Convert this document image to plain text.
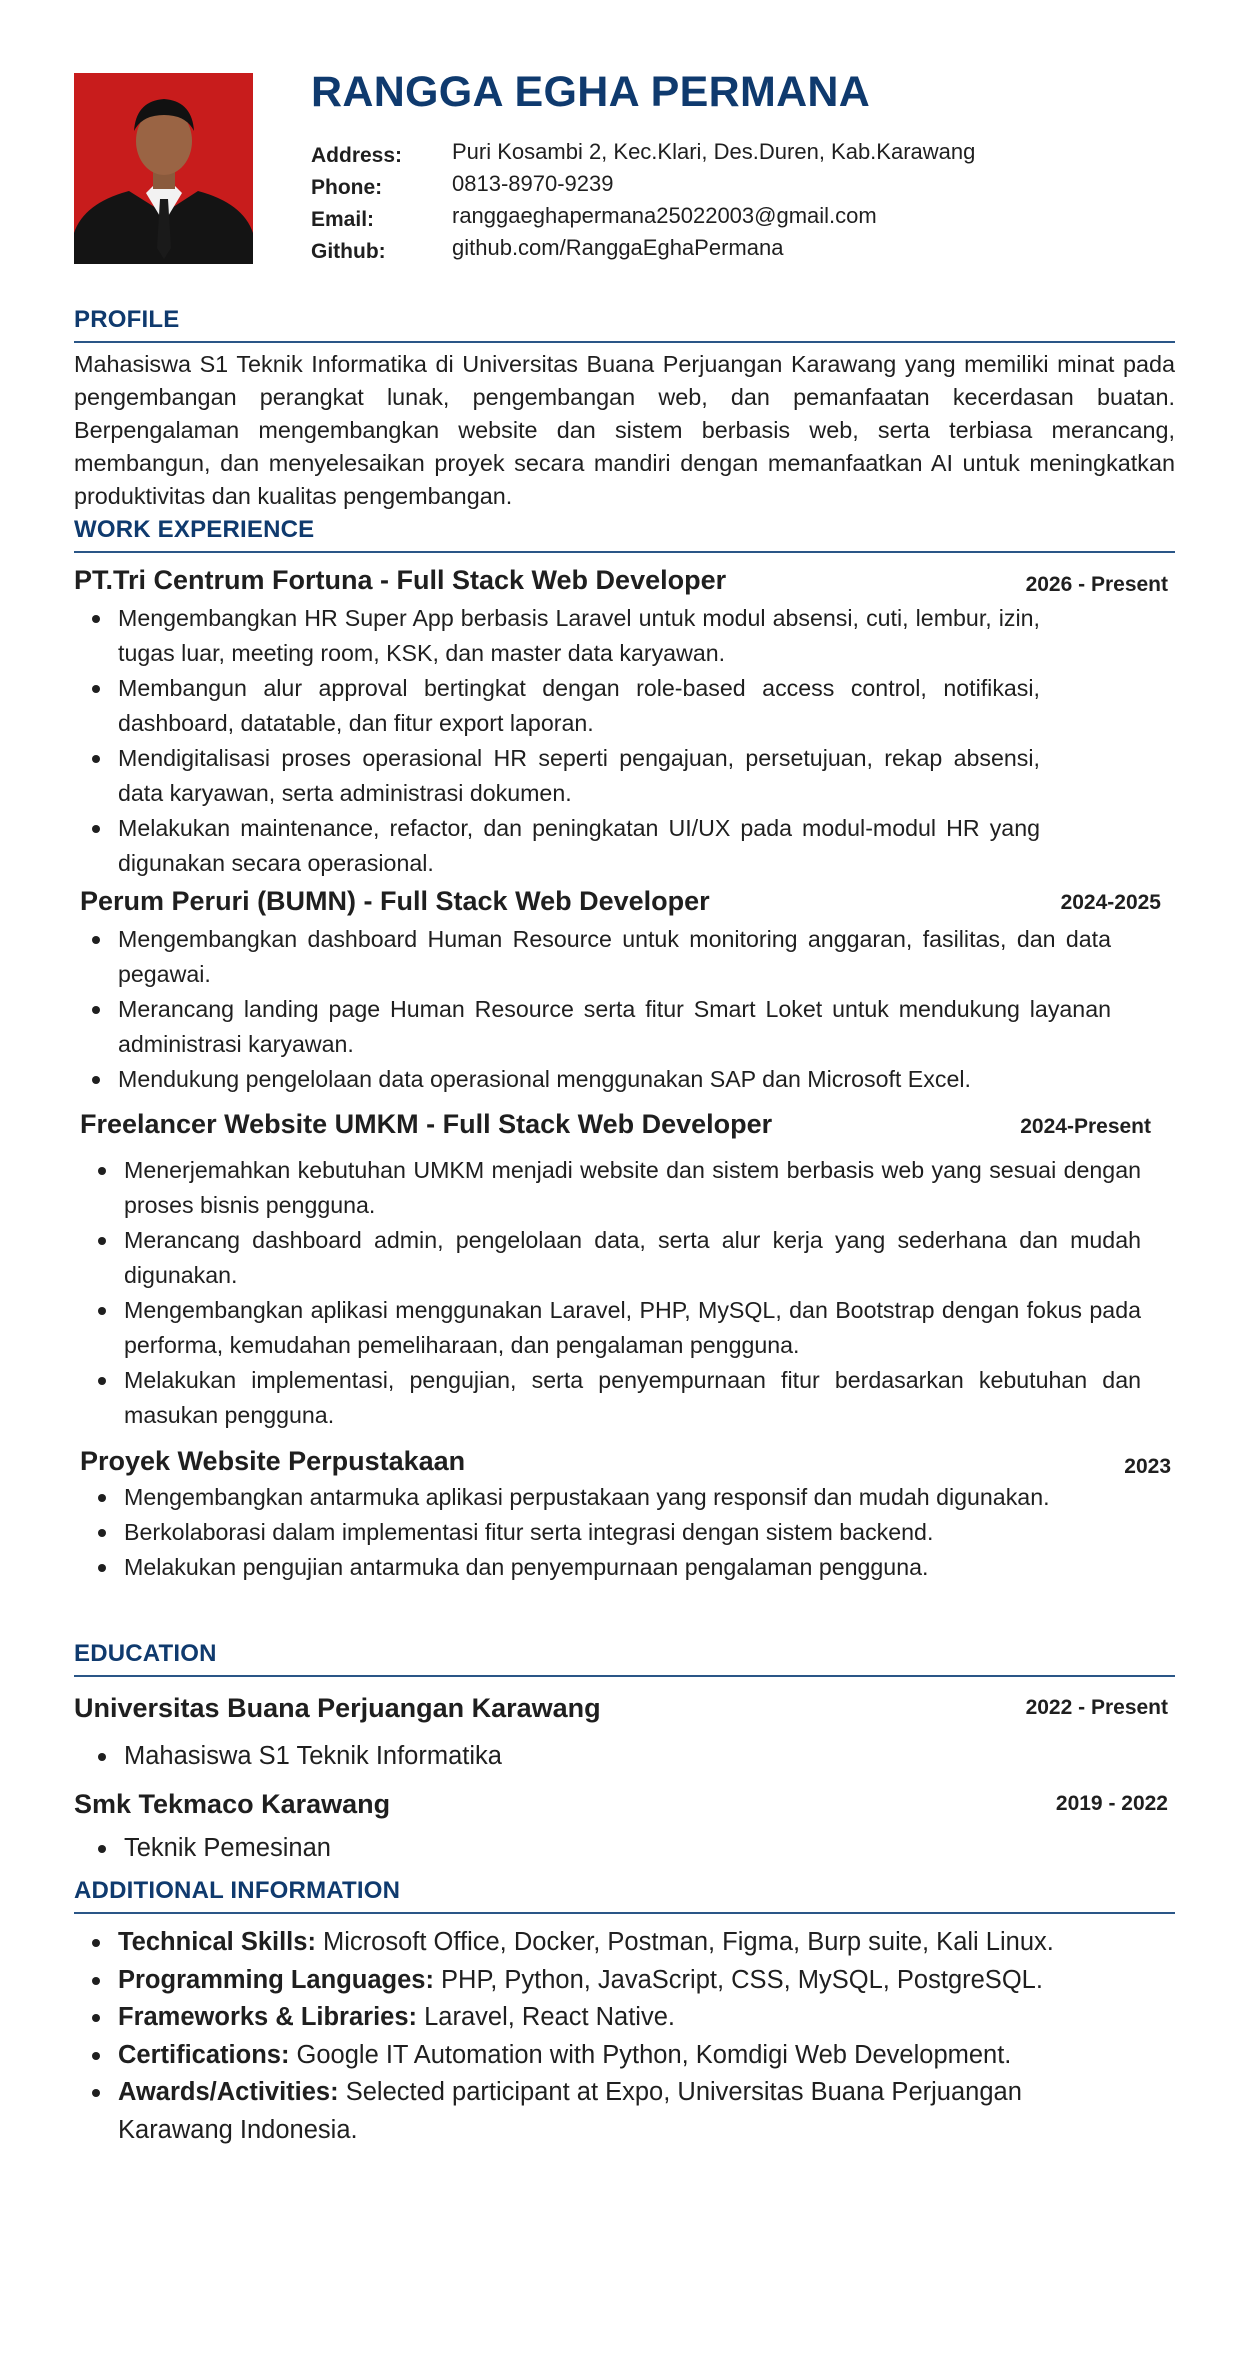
RANGGA EGHA PERMANA
Address: Puri Kosambi 2, Kec.Klari, Des.Duren, Kab.Karawang
Phone:	0813-8970-9239
Email:	ranggaeghapermana25022003@gmail.com
Github:	github.com/RanggaEghaPermana
PROFILE

Mahasiswa S1 Teknik Informatika di Universitas Buana Perjuangan Karawang yang memiliki minat pada pengembangan perangkat lunak, pengembangan web, dan pemanfaatan kecerdasan buatan. Berpengalaman mengembangkan website dan sistem berbasis web, serta terbiasa merancang, membangun, dan menyelesaikan proyek secara mandiri dengan memanfaatkan AI untuk meningkatkan produktivitas dan kualitas pengembangan.

WORK EXPERIENCE
PT.Tri Centrum Fortuna - Full Stack Web Developer	2026 - Present
Mengembangkan HR Super App berbasis Laravel untuk modul absensi, cuti, lembur, izin, tugas luar, meeting room, KSK, dan master data karyawan.
Membangun alur approval bertingkat dengan role-based access control, notifikasi, dashboard, datatable, dan fitur export laporan.
Mendigitalisasi proses operasional HR seperti pengajuan, persetujuan, rekap absensi, data karyawan, serta administrasi dokumen.
Melakukan maintenance, refactor, dan peningkatan UI/UX pada modul-modul HR yang digunakan secara operasional.
Perum Peruri (BUMN) - Full Stack Web Developer	2024-2025
Mengembangkan dashboard Human Resource untuk monitoring anggaran, fasilitas, dan data pegawai.
Merancang landing page Human Resource serta fitur Smart Loket untuk mendukung layanan administrasi karyawan.
Mendukung pengelolaan data operasional menggunakan SAP dan Microsoft Excel.
Freelancer Website UMKM - Full Stack Web Developer	2024-Present
Menerjemahkan kebutuhan UMKM menjadi website dan sistem berbasis web yang sesuai dengan proses bisnis pengguna.
Merancang dashboard admin, pengelolaan data, serta alur kerja yang sederhana dan mudah digunakan.
Mengembangkan aplikasi menggunakan Laravel, PHP, MySQL, dan Bootstrap dengan fokus pada performa, kemudahan pemeliharaan, dan pengalaman pengguna.
Melakukan implementasi, pengujian, serta penyempurnaan fitur berdasarkan kebutuhan dan masukan pengguna.
Proyek Website Perpustakaan	2023
Mengembangkan antarmuka aplikasi perpustakaan yang responsif dan mudah digunakan.
Berkolaborasi dalam implementasi fitur serta integrasi dengan sistem backend.
Melakukan pengujian antarmuka dan penyempurnaan pengalaman pengguna.
EDUCATION
Universitas Buana Perjuangan Karawang	2022 - Present
Mahasiswa S1 Teknik Informatika
Smk Tekmaco Karawang	2019 - 2022
Teknik Pemesinan
ADDITIONAL INFORMATION
Technical Skills: Microsoft Office, Docker, Postman, Figma, Burp suite, Kali Linux.
Programming Languages: PHP, Python, JavaScript, CSS, MySQL, PostgreSQL.
Frameworks & Libraries: Laravel, React Native.
Certifications: Google IT Automation with Python, Komdigi Web Development.
Awards/Activities: Selected participant at Expo, Universitas Buana Perjuangan Karawang Indonesia.
